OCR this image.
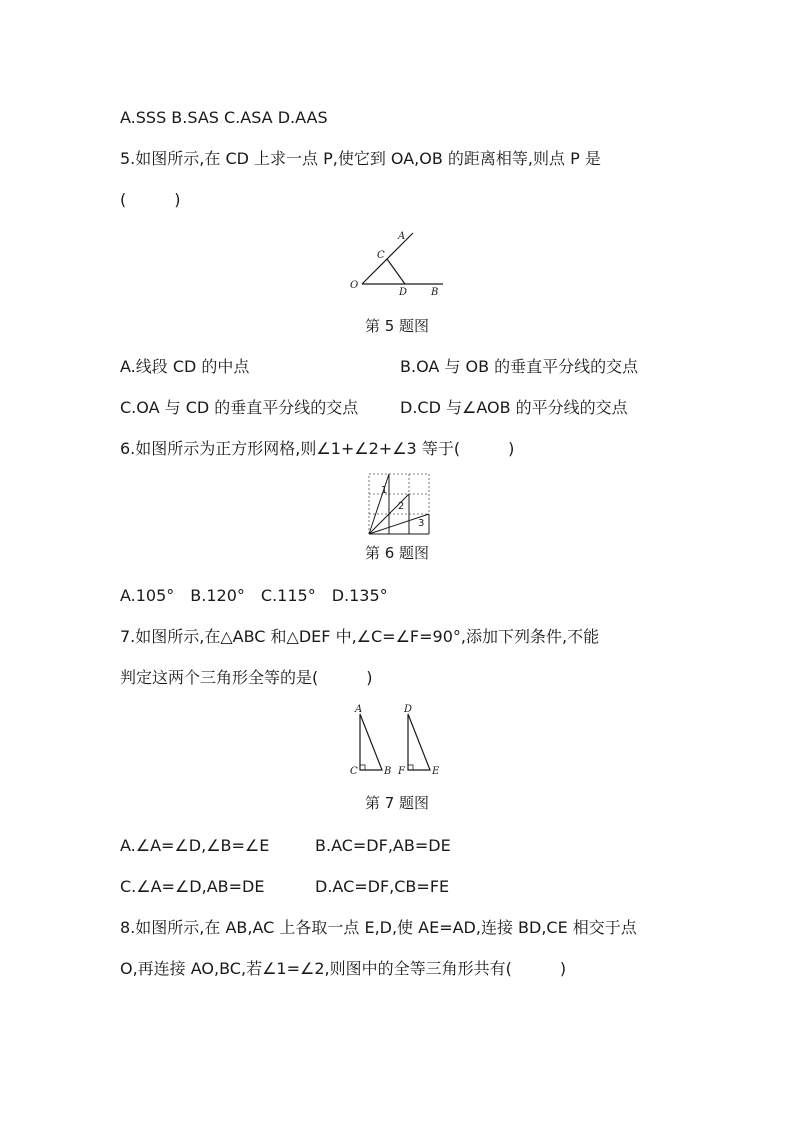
A.SSS B.SAS C.ASA D.AAS
5.如图所示,在 CD 上求一点 P,使它到 OA,OB 的距离相等,则点 P 是
(　　　)
A
C
O
D B
第 5 题图
A.线段 CD 的中点	B.OA 与 OB 的垂直平分线的交点
C.OA 与 CD 的垂直平分线的交点	D.CD 与∠AOB 的平分线的交点
6.如图所示为正方形网格,则∠1+∠2+∠3 等于(　　　)
1
2
3
第 6 题图
A.105°　B.120°　C.115°　D.135°
7.如图所示,在△ABC 和△DEF 中,∠C=∠F=90°,添加下列条件,不能
判定这两个三角形全等的是(　　　)
A
C	B
D
F	E
第 7 题图
A.∠A=∠D,∠B=∠E	B.AC=DF,AB=DE
C.∠A=∠D,AB=DE	D.AC=DF,CB=FE
8.如图所示,在 AB,AC 上各取一点 E,D,使 AE=AD,连接 BD,CE 相交于点
O,再连接 AO,BC,若∠1=∠2,则图中的全等三角形共有(　　　)
